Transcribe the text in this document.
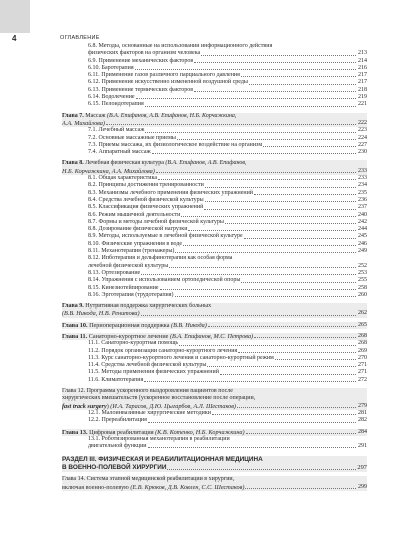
4	ОГЛАВЛЕНИЕ
6.8. Методы, основанные на использовании информационного действия
физических факторов на организм человека	213
6.9. Применение механических факторов	214
6.10. Баротерапия	216
6.11. Применение газов различного парциального давления	217
6.12. Применение искусственно измененной воздушной среды	217
6.13. Применение термических факторов	218
6.14. Водолечение	219
6.15. Пелоидотерапия	221
Глава 7. Массаж (В.А. Епифанов, А.В. Епифанов, Н.Б. Корчажкина,
А.А. Михайлова)	222
7.1. Лечебный массаж	223
7.2. Основные массажные приемы	224
7.3. Приемы массажа, их физиологическое воздействие на организм	227
7.4. Аппаратный массаж	230
Глава 8. Лечебная физическая культура (В.А. Епифанов, А.В. Епифанов,
Н.Б. Корчажкина, А.А. Михайлова)	233
8.1. Общая характеристика	233
8.2. Принципы достижения тренированности	234
8.3. Механизмы лечебного применения физических упражнений	235
8.4. Средства лечебной физической культуры	236
8.5. Классификация физических упражнений	237
8.6. Режим мышечной деятельности	240
8.7. Формы и методы лечебной физической культуры	242
8.8. Дозирование физической нагрузки	244
8.9. Методы, используемые в лечебной физической культуре	245
8.10. Физические упражнения в воде	246
8.11. Механотерапия (тренажеры)	249
8.12. Ипботерапия и дельфинотерапия как особая форма
лечебной физической культуры	252
8.13. Ортезирование	253
8.14. Упражнения с использованием ортопедической опоры	255
8.15. Кинезиотейпирование	258
8.16. Эрготерапия (трудотерапия)	260
Глава 9. Нутритивная поддержка хирургических больных
(В.В. Никода, Н.В. Ренитова)	262
Глава 10. Периоперационная поддержка (В.В. Никода)	265
Глава 11. Санаторно-курортное лечение (В.А. Епифанов, М.С. Петрова)	268
11.1. Санаторно-курортная помощь	268
11.2. Порядок организации санаторно-курортного лечения	269
11.3. Курс санаторно-курортного лечения и санаторно-курортный режим	270
11.4. Средства лечебной физической культуры	271
11.5. Методы применения физических упражнений	271
11.6. Климатотерапия	272
Глава 12. Программа ускоренного выздоровления пациентов после
хирургических вмешательств (ускоренное восстановление после операции,
fast track surgery) (И.А. Тарасов, Д.Ю. Цыгарбов, А.Л. Шестаков)	279
12.1. Малоинвазивные хирургические методики	281
12.2. Пререабилитация	282
Глава 13. Цифровая реабилитация (К.В. Котенко, Н.Б. Корчажкина)	284
13.1. Роботизированная механотерапия в реабилитации
двигательной функции	291
РАЗДЕЛ III. ФИЗИЧЕСКАЯ И РЕАБИЛИТАЦИОННАЯ МЕДИЦИНА
В ВОЕННО-ПОЛЕВОЙ ХИРУРГИИ	297
Глава 14. Система этапной медицинской реабилитации в хирургии,
включая военно-полевую (Е.В. Крюков, Д.В. Ковлен, С.С. Шестаков)	299
